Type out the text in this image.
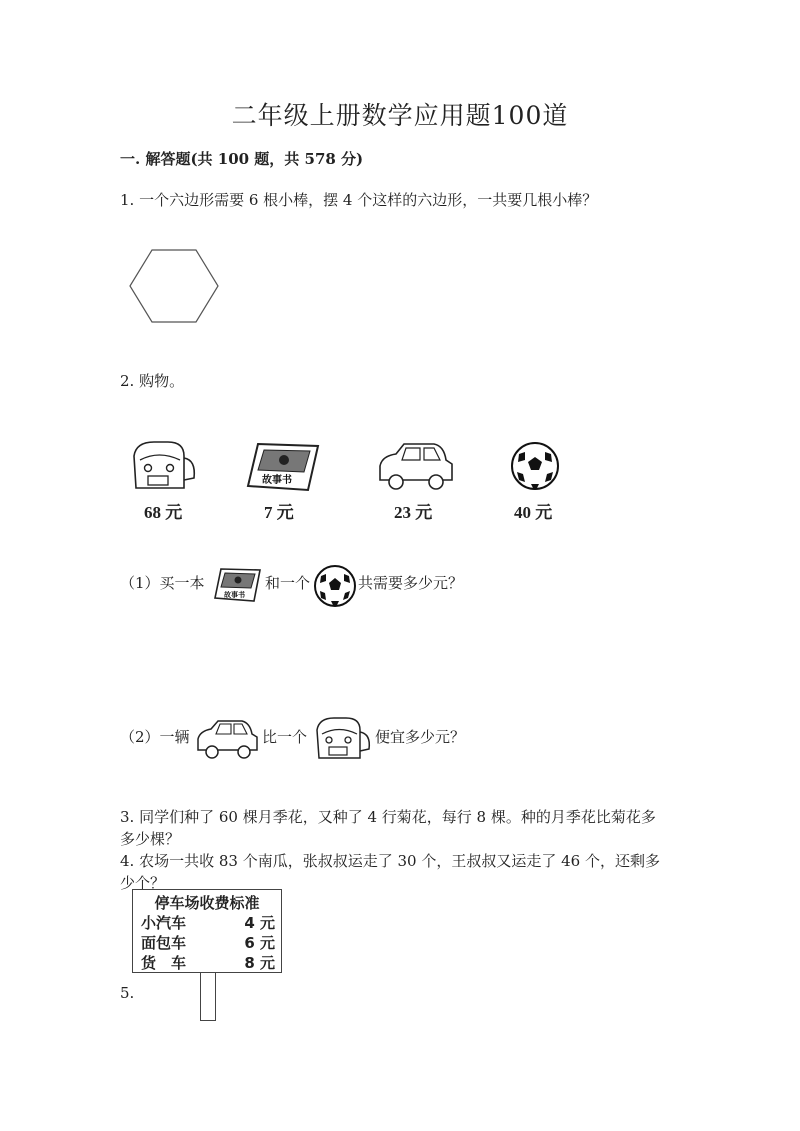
二年级上册数学应用题100道
一. 解答题(共 100 题，共 578 分)
1. 一个六边形需要 6 根小棒，摆 4 个这样的六边形，一共要几根小棒？
2. 购物。
68 元
故事书
7 元	23 元	40 元
（1）买一本
故事书
和一个	共需要多少元？
（2）一辆	比一个	便宜多少元？
3. 同学们种了 60 棵月季花，又种了 4 行菊花，每行 8 棵。种的月季花比菊花多
多少棵？
4. 农场一共收 83 个南瓜，张叔叔运走了 30 个，王叔叔又运走了 46 个，还剩多
少个？
停车场收费标准
小汽车	4 元
面包车	6 元
货　车	8 元
5.
